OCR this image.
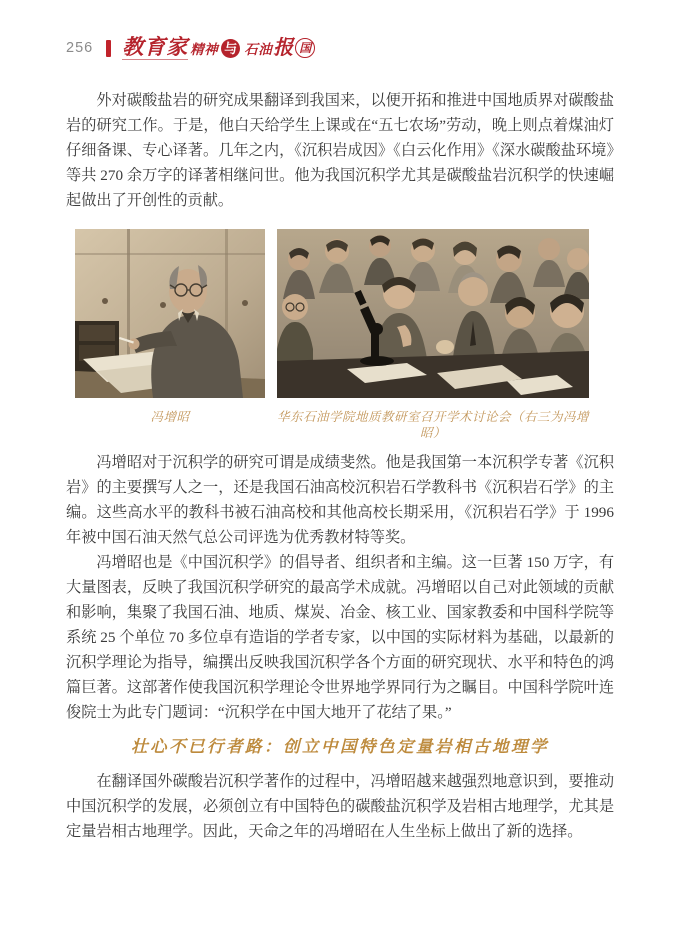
256 教育家 精神 与 石油 报 国

外对碳酸盐岩的研究成果翻译到我国来，以便开拓和推进中国地质界对碳酸盐岩的研究工作。于是，他白天给学生上课或在“五七农场”劳动，晚上则点着煤油灯仔细备课、专心译著。几年之内，《沉积岩成因》《白云化作用》《深水碳酸盐环境》等共 270 余万字的译著相继问世。他为我国沉积学尤其是碳酸盐岩沉积学的快速崛起做出了开创性的贡献。

冯增昭	华东石油学院地质教研室召开学术讨论会（右三为冯增昭）

冯增昭对于沉积学的研究可谓是成绩斐然。他是我国第一本沉积学专著《沉积岩》的主要撰写人之一，还是我国石油高校沉积岩石学教科书《沉积岩石学》的主编。这些高水平的教科书被石油高校和其他高校长期采用，《沉积岩石学》于 1996 年被中国石油天然气总公司评选为优秀教材特等奖。

冯增昭也是《中国沉积学》的倡导者、组织者和主编。这一巨著 150 万字，有大量图表，反映了我国沉积学研究的最高学术成就。冯增昭以自己对此领域的贡献和影响，集聚了我国石油、地质、煤炭、冶金、核工业、国家教委和中国科学院等系统 25 个单位 70 多位卓有造诣的学者专家，以中国的实际材料为基础，以最新的沉积学理论为指导，编撰出反映我国沉积学各个方面的研究现状、水平和特色的鸿篇巨著。这部著作使我国沉积学理论令世界地学界同行为之瞩目。中国科学院叶连俊院士为此专门题词：“沉积学在中国大地开了花结了果。”

壮心不已行者路：创立中国特色定量岩相古地理学

在翻译国外碳酸岩沉积学著作的过程中，冯增昭越来越强烈地意识到，要推动中国沉积学的发展，必须创立有中国特色的碳酸盐沉积学及岩相古地理学，尤其是定量岩相古地理学。因此，天命之年的冯增昭在人生坐标上做出了新的选择。
